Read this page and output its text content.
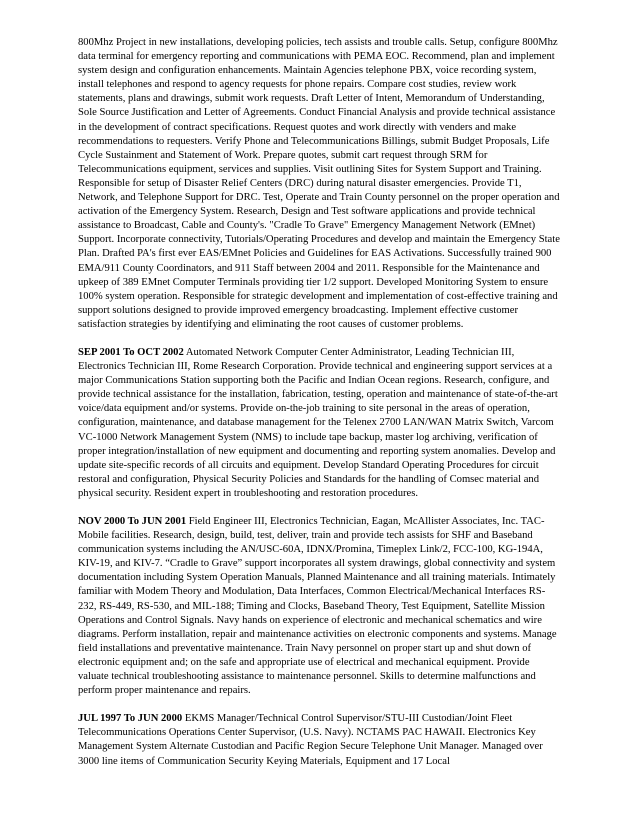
800Mhz Project in new installations, developing policies, tech assists and trouble calls. Setup, configure 800Mhz data terminal for emergency reporting and communications with PEMA EOC. Recommend, plan and implement system design and configuration enhancements. Maintain Agencies telephone PBX, voice recording system, install telephones and respond to agency requests for phone repairs. Compare cost studies, review work statements, plans and drawings, submit work requests. Draft Letter of Intent, Memorandum of Understanding, Sole Source Justification and Letter of Agreements. Conduct Financial Analysis and provide technical assistance in the development of contract specifications. Request quotes and work directly with venders and make recommendations to requesters. Verify Phone and Telecommunications Billings, submit Budget Proposals, Life Cycle Sustainment and Statement of Work. Prepare quotes, submit cart request through SRM for Telecommunications equipment, services and supplies. Visit outlining Sites for System Support and Training. Responsible for setup of Disaster Relief Centers (DRC) during natural disaster emergencies. Provide T1, Network, and Telephone Support for DRC. Test, Operate and Train County personnel on the proper operation and activation of the Emergency System. Research, Design and Test software applications and provide technical assistance to Broadcast, Cable and County's. "Cradle To Grave" Emergency Management Network (EMnet) Support. Incorporate connectivity, Tutorials/Operating Procedures and develop and maintain the Emergency State Plan. Drafted PA's first ever EAS/EMnet Policies and Guidelines for EAS Activations. Successfully trained 900 EMA/911 County Coordinators, and 911 Staff between 2004 and 2011. Responsible for the Maintenance and upkeep of 389 EMnet Computer Terminals providing tier 1/2 support. Developed Monitoring System to ensure 100% system operation. Responsible for strategic development and implementation of cost-effective training and support solutions designed to provide improved emergency broadcasting. Implement effective customer satisfaction strategies by identifying and eliminating the root causes of customer problems.

SEP 2001 To OCT 2002 Automated Network Computer Center Administrator, Leading Technician III, Electronics Technician III, Rome Research Corporation. Provide technical and engineering support services at a major Communications Station supporting both the Pacific and Indian Ocean regions. Research, configure, and provide technical assistance for the installation, fabrication, testing, operation and maintenance of state-of-the-art voice/data equipment and/or systems. Provide on-the-job training to site personal in the areas of operation, configuration, maintenance, and database management for the Telenex 2700 LAN/WAN Matrix Switch, Varcom VC-1000 Network Management System (NMS) to include tape backup, master log archiving, verification of proper integration/installation of new equipment and documenting and reporting system anomalies. Develop and update site-specific records of all circuits and equipment. Develop Standard Operating Procedures for circuit restoral and configuration, Physical Security Policies and Standards for the handling of Comsec material and physical security. Resident expert in troubleshooting and restoration procedures.

NOV 2000 To JUN 2001 Field Engineer III, Electronics Technician, Eagan, McAllister Associates, Inc. TAC-Mobile facilities. Research, design, build, test, deliver, train and provide tech assists for SHF and Baseband communication systems including the AN/USC-60A, IDNX/Promina, Timeplex Link/2, FCC-100, KG-194A, KIV-19, and KIV-7. “Cradle to Grave” support incorporates all system drawings, global connectivity and system documentation including System Operation Manuals, Planned Maintenance and all training materials. Intimately familiar with Modem Theory and Modulation, Data Interfaces, Common Electrical/Mechanical Interfaces RS-232, RS-449, RS-530, and MIL-188; Timing and Clocks, Baseband Theory, Test Equipment, Satellite Mission Operations and Control Signals. Navy hands on experience of electronic and mechanical schematics and wire diagrams. Perform installation, repair and maintenance activities on electronic components and systems. Manage field installations and preventative maintenance. Train Navy personnel on proper start up and shut down of electronic equipment and; on the safe and appropriate use of electrical and mechanical equipment. Provide valuate technical troubleshooting assistance to maintenance personnel. Skills to determine malfunctions and perform proper maintenance and repairs.

JUL 1997 To JUN 2000 EKMS Manager/Technical Control Supervisor/STU-III Custodian/Joint Fleet Telecommunications Operations Center Supervisor, (U.S. Navy). NCTAMS PAC HAWAII. Electronics Key Management System Alternate Custodian and Pacific Region Secure Telephone Unit Manager. Managed over 3000 line items of Communication Security Keying Materials, Equipment and 17 Local
